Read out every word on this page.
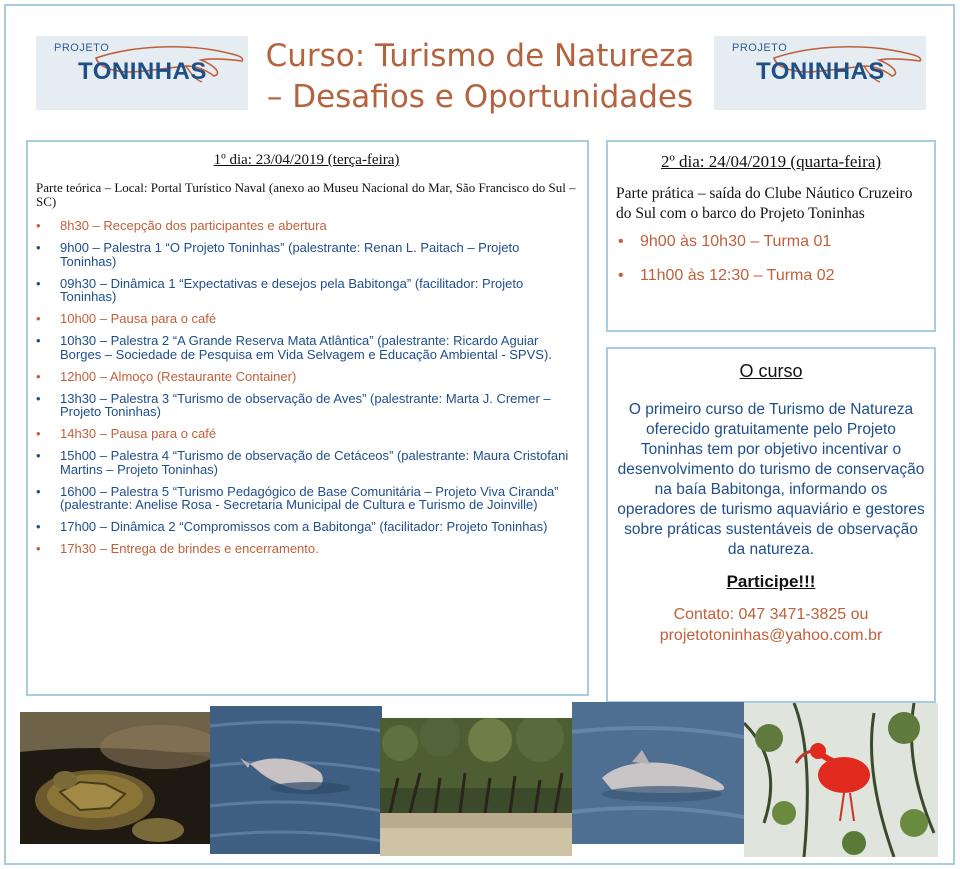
PROJETO
TONINHAS
PROJETO
TONINHAS
Curso: Turismo de Natureza
– Desafios e Oportunidades
1º dia: 23/04/2019 (terça-feira)
Parte teórica – Local: Portal Turístico Naval (anexo ao Museu Nacional do Mar, São Francisco do Sul – SC)
• 8h30 – Recepção dos participantes e abertura
• 9h00 – Palestra 1 “O Projeto Toninhas” (palestrante: Renan L. Paitach – Projeto Toninhas)
• 09h30 – Dinâmica 1 “Expectativas e desejos pela Babitonga” (facilitador: Projeto Toninhas)
• 10h00 – Pausa para o café
• 10h30 – Palestra 2 “A Grande Reserva Mata Atlântica” (palestrante: Ricardo Aguiar Borges – Sociedade de Pesquisa em Vida Selvagem e Educação Ambiental - SPVS).
• 12h00 – Almoço (Restaurante Container)
• 13h30 – Palestra 3 “Turismo de observação de Aves” (palestrante: Marta J. Cremer – Projeto Toninhas)
• 14h30 – Pausa para o café
• 15h00 – Palestra 4 “Turismo de observação de Cetáceos” (palestrante: Maura Cristofani Martins – Projeto Toninhas)
• 16h00 – Palestra 5 “Turismo Pedagógico de Base Comunitária – Projeto Viva Ciranda” (palestrante: Anelise Rosa - Secretaria Municipal de Cultura e Turismo de Joinville)
• 17h00 – Dinâmica 2 “Compromissos com a Babitonga” (facilitador: Projeto Toninhas)
• 17h30 – Entrega de brindes e encerramento.
2º dia: 24/04/2019 (quarta-feira)
Parte prática – saída do Clube Náutico Cruzeiro do Sul com o barco do Projeto Toninhas
• 9h00 às 10h30 – Turma 01
• 11h00 às 12:30 – Turma 02
O curso
O primeiro curso de Turismo de Natureza oferecido gratuitamente pelo Projeto Toninhas tem por objetivo incentivar o desenvolvimento do turismo de conservação na baía Babitonga, informando os operadores de turismo aquaviário e gestores sobre práticas sustentáveis de observação da natureza.
Participe!!!
Contato: 047 3471-3825 ou
projetotoninhas@yahoo.com.br
